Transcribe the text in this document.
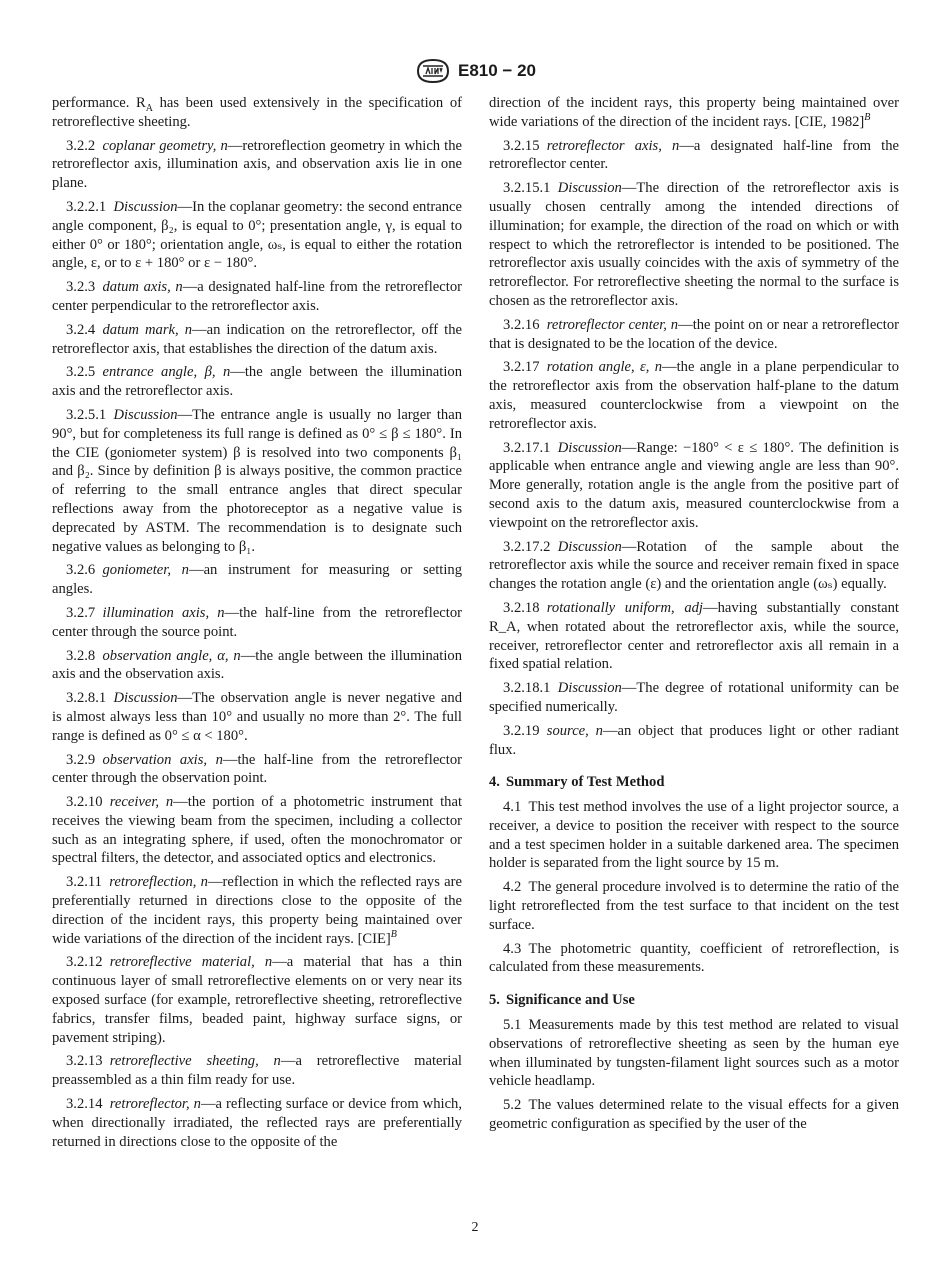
E810 − 20

performance. $R_A$ has been used extensively in the specification of retroreflective sheeting.

3.2.2  coplanar geometry, n—retroreflection geometry in which the retroreflector axis, illumination axis, and observation axis lie in one plane.

3.2.2.1  Discussion—In the coplanar geometry: the second entrance angle component, β₂, is equal to 0°; presentation angle, γ, is equal to either 0° or 180°; orientation angle, ωₛ, is equal to either the rotation angle, ε, or to ε + 180° or ε − 180°.

3.2.3  datum axis, n—a designated half-line from the retroreflector center perpendicular to the retroreflector axis.

3.2.4  datum mark, n—an indication on the retroreflector, off the retroreflector axis, that establishes the direction of the datum axis.

3.2.5  entrance angle, β, n—the angle between the illumination axis and the retroreflector axis.

3.2.5.1  Discussion—The entrance angle is usually no larger than 90°, but for completeness its full range is defined as 0° ≤ β ≤ 180°. In the CIE (goniometer system) β is resolved into two components β₁ and β₂. Since by definition β is always positive, the common practice of referring to the small entrance angles that direct specular reflections away from the photoreceptor as a negative value is deprecated by ASTM. The recommendation is to designate such negative values as belonging to β₁.

3.2.6  goniometer, n—an instrument for measuring or setting angles.

3.2.7  illumination axis, n—the half-line from the retroreflector center through the source point.

3.2.8  observation angle, α, n—the angle between the illumination axis and the observation axis.

3.2.8.1  Discussion—The observation angle is never negative and is almost always less than 10° and usually no more than 2°. The full range is defined as 0° ≤ α < 180°.

3.2.9  observation axis, n—the half-line from the retroreflector center through the observation point.

3.2.10  receiver, n—the portion of a photometric instrument that receives the viewing beam from the specimen, including a collector such as an integrating sphere, if used, often the monochromator or spectral filters, the detector, and associated optics and electronics.

3.2.11  retroreflection, n—reflection in which the reflected rays are preferentially returned in directions close to the opposite of the direction of the incident rays, this property being maintained over wide variations of the direction of the incident rays. [CIE]$^B$

3.2.12  retroreflective material, n—a material that has a thin continuous layer of small retroreflective elements on or very near its exposed surface (for example, retroreflective sheeting, retroreflective fabrics, transfer films, beaded paint, highway surface signs, or pavement striping).

3.2.13  retroreflective sheeting, n—a retroreflective material preassembled as a thin film ready for use.

3.2.14  retroreflector, n—a reflecting surface or device from which, when directionally irradiated, the reflected rays are preferentially returned in directions close to the opposite of the

direction of the incident rays, this property being maintained over wide variations of the direction of the incident rays. [CIE, 1982]$^B$

3.2.15  retroreflector axis, n—a designated half-line from the retroreflector center.

3.2.15.1  Discussion—The direction of the retroreflector axis is usually chosen centrally among the intended directions of illumination; for example, the direction of the road on which or with respect to which the retroreflector is intended to be positioned. The retroreflector axis usually coincides with the axis of symmetry of the retroreflector. For retroreflective sheeting the normal to the surface is chosen as the retroreflector axis.

3.2.16  retroreflector center, n—the point on or near a retroreflector that is designated to be the location of the device.

3.2.17  rotation angle, ε, n—the angle in a plane perpendicular to the retroreflector axis from the observation half-plane to the datum axis, measured counterclockwise from a viewpoint on the retroreflector axis.

3.2.17.1  Discussion—Range: −180° < ε ≤ 180°. The definition is applicable when entrance angle and viewing angle are less than 90°. More generally, rotation angle is the angle from the positive part of second axis to the datum axis, measured counterclockwise from a viewpoint on the retroreflector axis.

3.2.17.2  Discussion—Rotation of the sample about the retroreflector axis while the source and receiver remain fixed in space changes the rotation angle (ε) and the orientation angle (ωₛ) equally.

3.2.18  rotationally uniform, adj—having substantially constant R_A, when rotated about the retroreflector axis, while the source, receiver, retroreflector center and retroreflector axis all remain in a fixed spatial relation.

3.2.18.1  Discussion—The degree of rotational uniformity can be specified numerically.

3.2.19  source, n—an object that produces light or other radiant flux.

4. Summary of Test Method

4.1  This test method involves the use of a light projector source, a receiver, a device to position the receiver with respect to the source and a test specimen holder in a suitable darkened area. The specimen holder is separated from the light source by 15 m.

4.2  The general procedure involved is to determine the ratio of the light retroreflected from the test surface to that incident on the test surface.

4.3  The photometric quantity, coefficient of retroreflection, is calculated from these measurements.

5. Significance and Use

5.1  Measurements made by this test method are related to visual observations of retroreflective sheeting as seen by the human eye when illuminated by tungsten-filament light sources such as a motor vehicle headlamp.

5.2  The values determined relate to the visual effects for a given geometric configuration as specified by the user of the

2
